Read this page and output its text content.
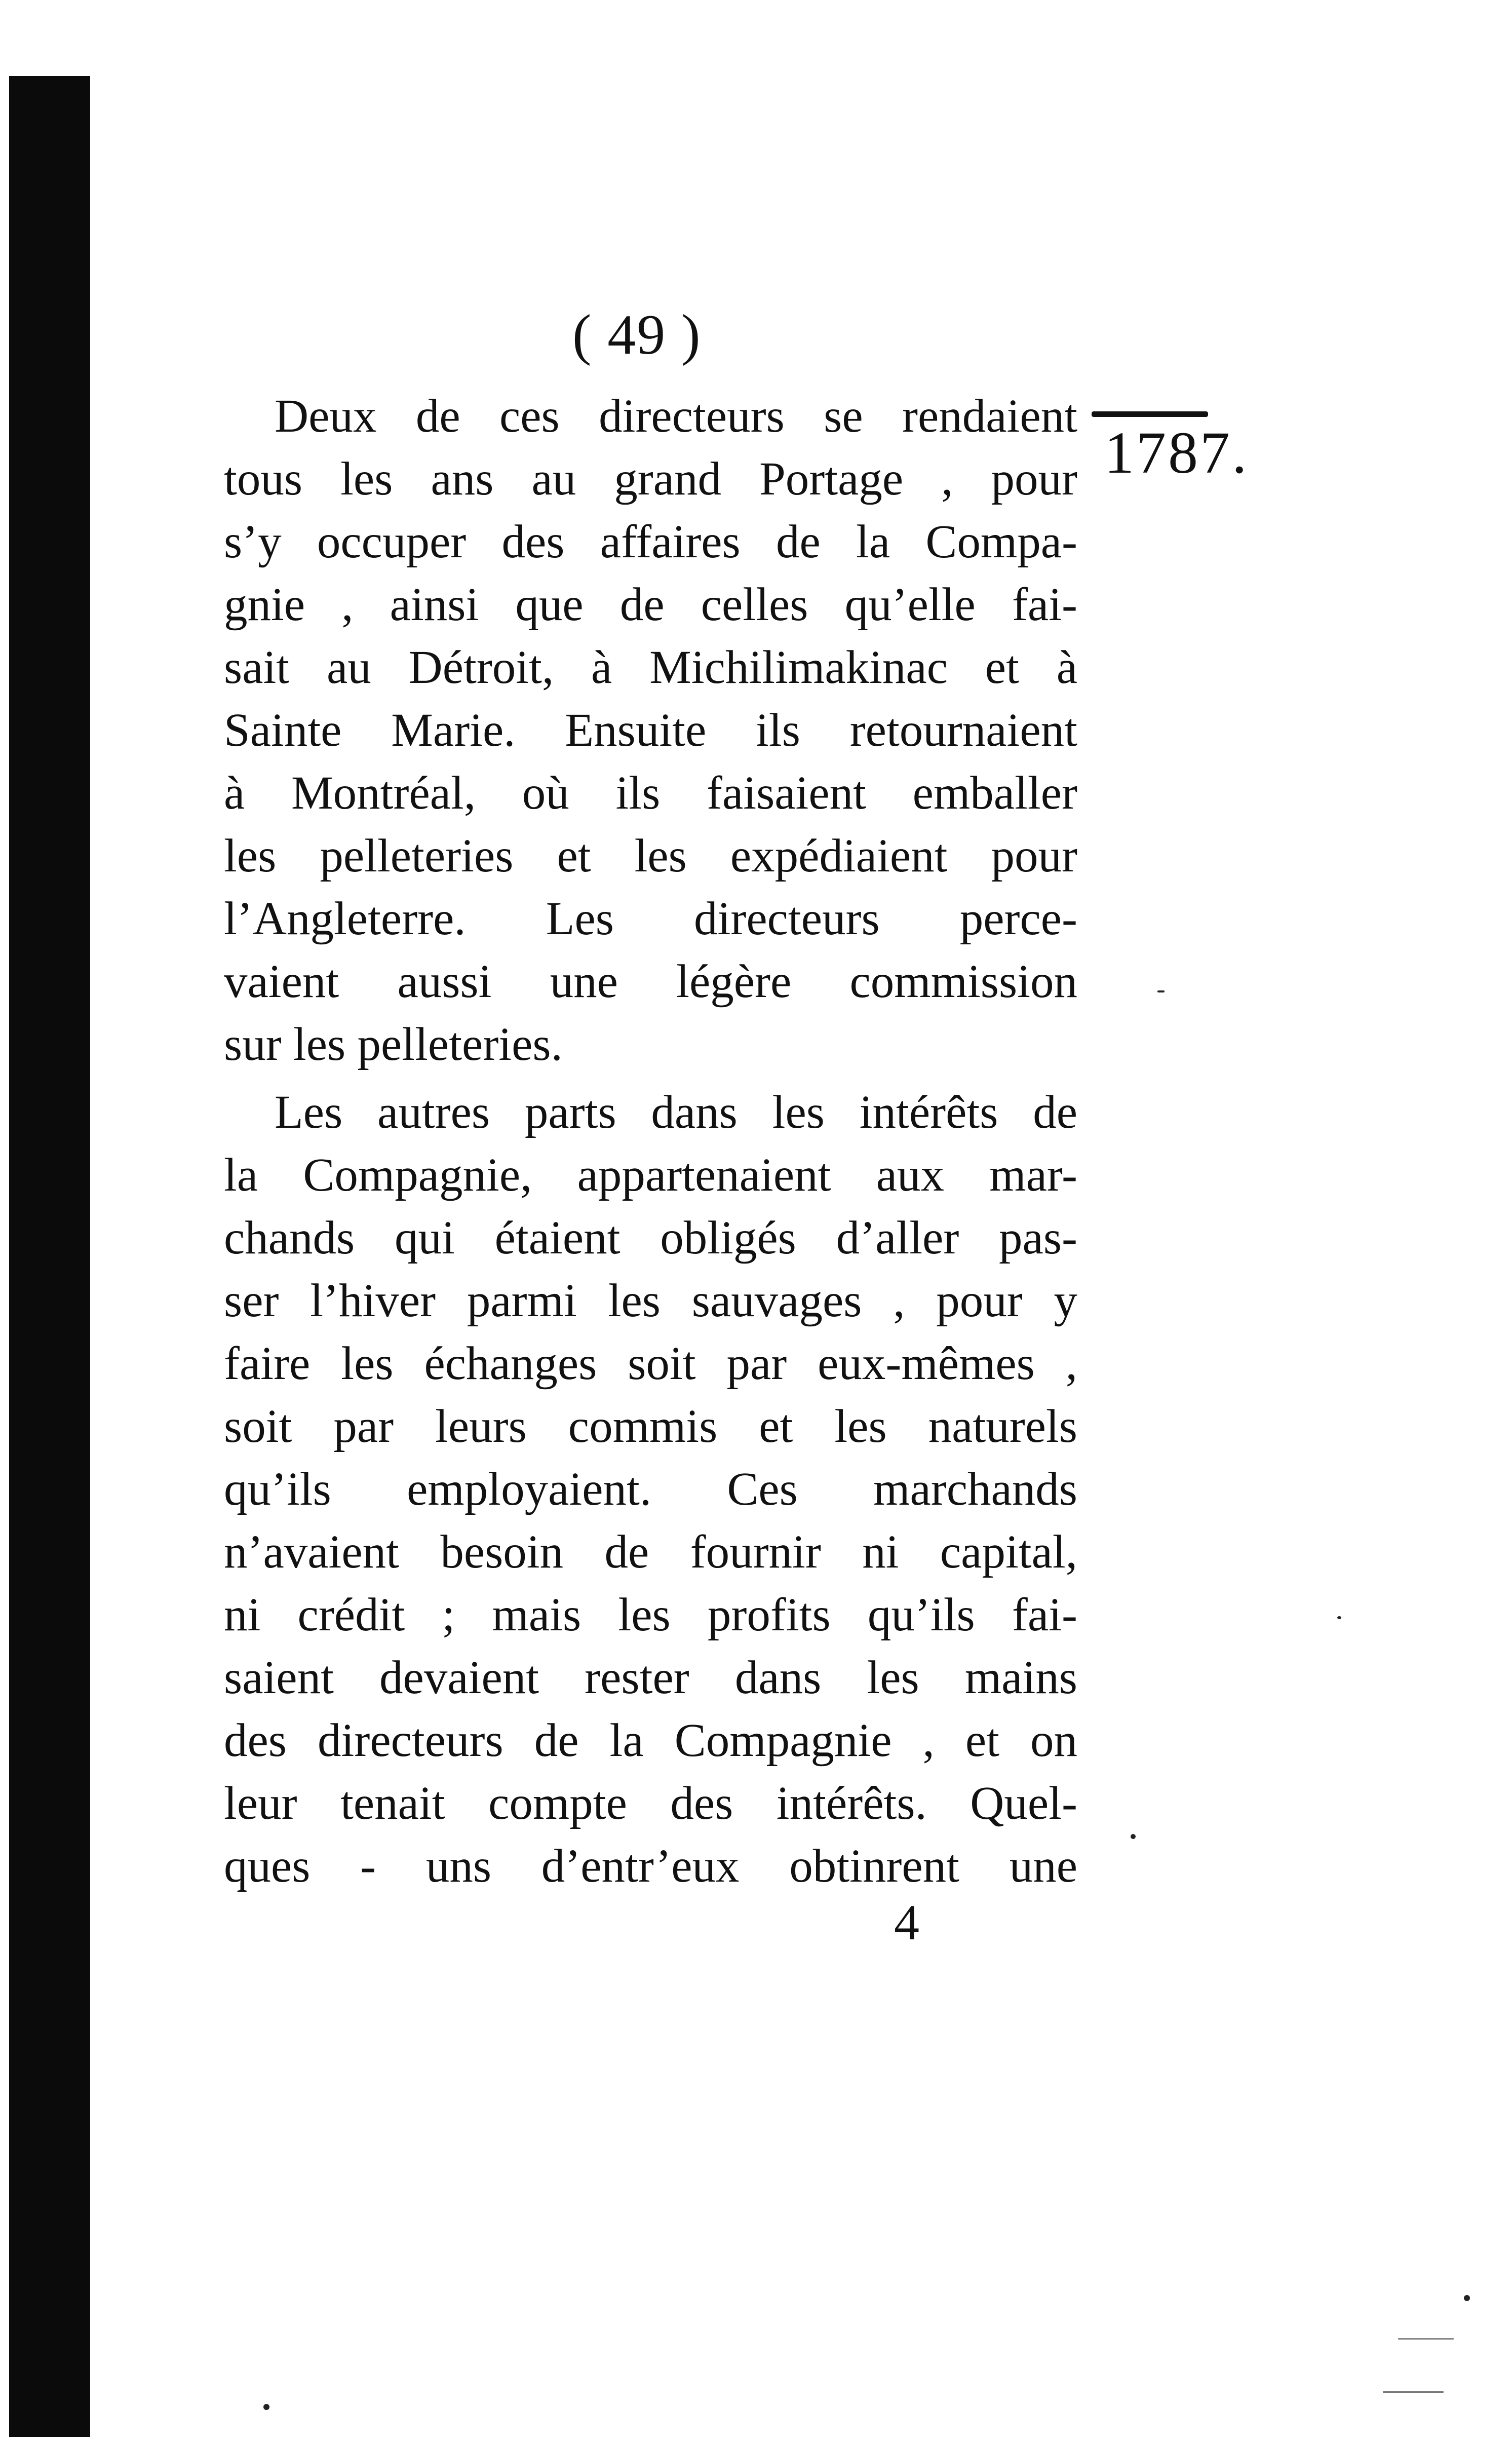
( 49 )
1787.
Deux de ces directeurs se rendaient
tous les ans au grand Portage , pour
s’y occuper des affaires de la Compa-
gnie , ainsi que de celles qu’elle fai-
sait au Détroit, à Michilimakinac et à
Sainte Marie. Ensuite ils retournaient
à Montréal, où ils faisaient emballer
les pelleteries et les expédiaient pour
l’Angleterre. Les directeurs perce-
vaient aussi une légère commission
sur les pelleteries.
Les autres parts dans les intérêts de
la Compagnie, appartenaient aux mar-
chands qui étaient obligés d’aller pas-
ser l’hiver parmi les sauvages , pour y
faire les échanges soit par eux-mêmes ,
soit par leurs commis et les naturels
qu’ils employaient. Ces marchands
n’avaient besoin de fournir ni capital,
ni crédit ; mais les profits qu’ils fai-
saient devaient rester dans les mains
des directeurs de la Compagnie , et on
leur tenait compte des intérêts. Quel-
ques - uns d’entr’eux obtinrent une
4
